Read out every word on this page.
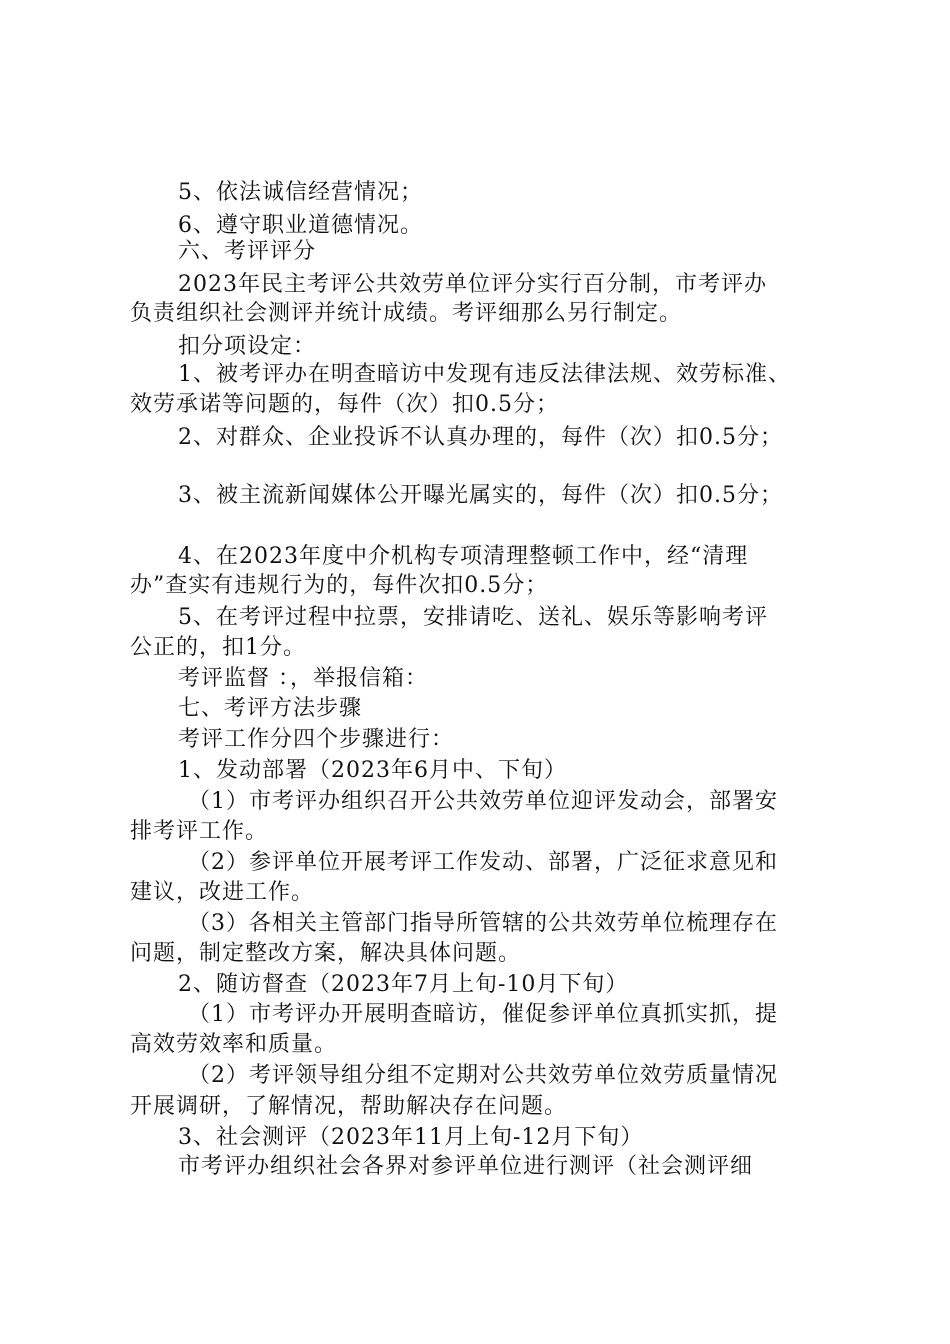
5、依法诚信经营情况；
6、遵守职业道德情况。
六、考评评分
2023年民主考评公共效劳单位评分实行百分制，市考评办
负责组织社会测评并统计成绩。考评细那么另行制定。
扣分项设定：
1、被考评办在明查暗访中发现有违反法律法规、效劳标准、
效劳承诺等问题的，每件（次）扣0.5分；
2、对群众、企业投诉不认真办理的，每件（次）扣0.5分；
3、被主流新闻媒体公开曝光属实的，每件（次）扣0.5分；
4、在2023年度中介机构专项清理整顿工作中，经“清理
办”查实有违规行为的，每件次扣0.5分；
5、在考评过程中拉票，安排请吃、送礼、娱乐等影响考评
公正的，扣1分。
考评监督 ：，举报信箱：
七、考评方法步骤
考评工作分四个步骤进行：
1、发动部署（2023年6月中、下旬）
（1）市考评办组织召开公共效劳单位迎评发动会，部署安
排考评工作。
（2）参评单位开展考评工作发动、部署，广泛征求意见和
建议，改进工作。
（3）各相关主管部门指导所管辖的公共效劳单位梳理存在
问题，制定整改方案，解决具体问题。
2、随访督查（2023年7月上旬-10月下旬）
（1）市考评办开展明查暗访，催促参评单位真抓实抓，提
高效劳效率和质量。
（2）考评领导组分组不定期对公共效劳单位效劳质量情况
开展调研，了解情况，帮助解决存在问题。
3、社会测评（2023年11月上旬-12月下旬）
市考评办组织社会各界对参评单位进行测评（社会测评细
